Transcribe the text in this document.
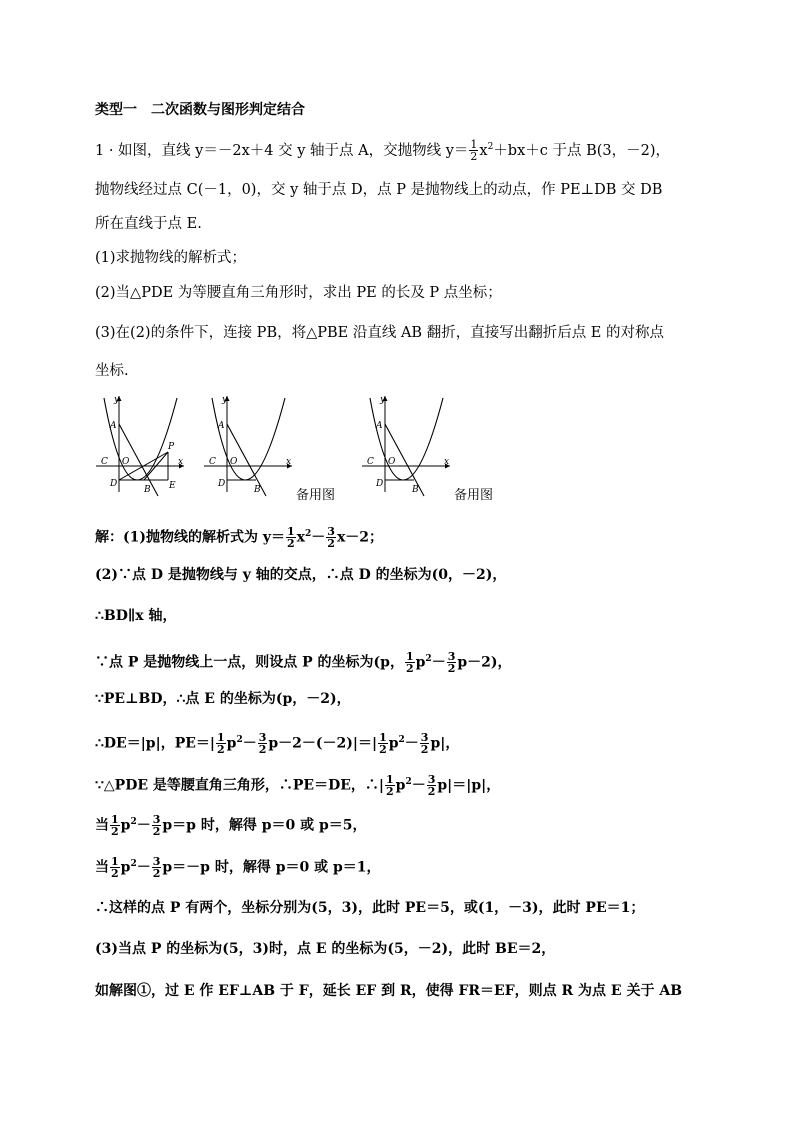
类型一　二次函数与图形判定结合
1 · 如图，直线 y＝－2x＋4 交 y 轴于点 A，交抛物线 $y= \frac{1}{2} x^2+bx+c$ 于点 B(3，－2)，
抛物线经过点 C(－1，0)，交 y 轴于点 D，点 P 是抛物线上的动点，作 PE⊥DB 交 DB
所在直线于点 E.
(1)求抛物线的解析式；
(2)当△PDE 为等腰直角三角形时，求出 PE 的长及 P 点坐标；
(3)在(2)的条件下，连接 PB，将△PBE 沿直线 AB 翻折，直接写出翻折后点 E 的对称点
坐标.
y
A
C O
D
B
P
E
x
y
A
C O
D
B
x
备用图
y
A
C O
D
B
x
备用图
解：(1)抛物线的解析式为 $y= \frac{1}{2} x^2- \frac{3}{2} x-2$；
(2)∵点 D 是抛物线与 y 轴的交点，∴点 D 的坐标为(0，－2)，
∴BD∥x 轴，
∵点 P 是抛物线上一点，则设点 P 的坐标为(p， $\frac{1}{2} p^2- \frac{3}{2} p-2$)，
∵PE⊥BD，∴点 E 的坐标为(p，－2)，
∴DE＝|p|，$PE=| \frac{1}{2} p^2- \frac{3}{2} p-2-(-2)|=| \frac{1}{2} p^2- \frac{3}{2} p|$，
∵△PDE 是等腰直角三角形，∴PE＝DE，∴| $\frac{1}{2} p^2- \frac{3}{2} p|=|p|$，
当 $\frac{1}{2} p^2- \frac{3}{2} p=p$ 时，解得 p＝0 或 p＝5，
当 $\frac{1}{2} p^2- \frac{3}{2} p=-p$ 时，解得 p＝0 或 p＝1，
∴这样的点 P 有两个，坐标分别为(5，3)，此时 PE＝5，或(1，－3)，此时 PE＝1；
(3)当点 P 的坐标为(5，3)时，点 E 的坐标为(5，－2)，此时 BE＝2，
如解图①，过 E 作 EF⊥AB 于 F，延长 EF 到 R，使得 FR＝EF，则点 R 为点 E 关于 AB
